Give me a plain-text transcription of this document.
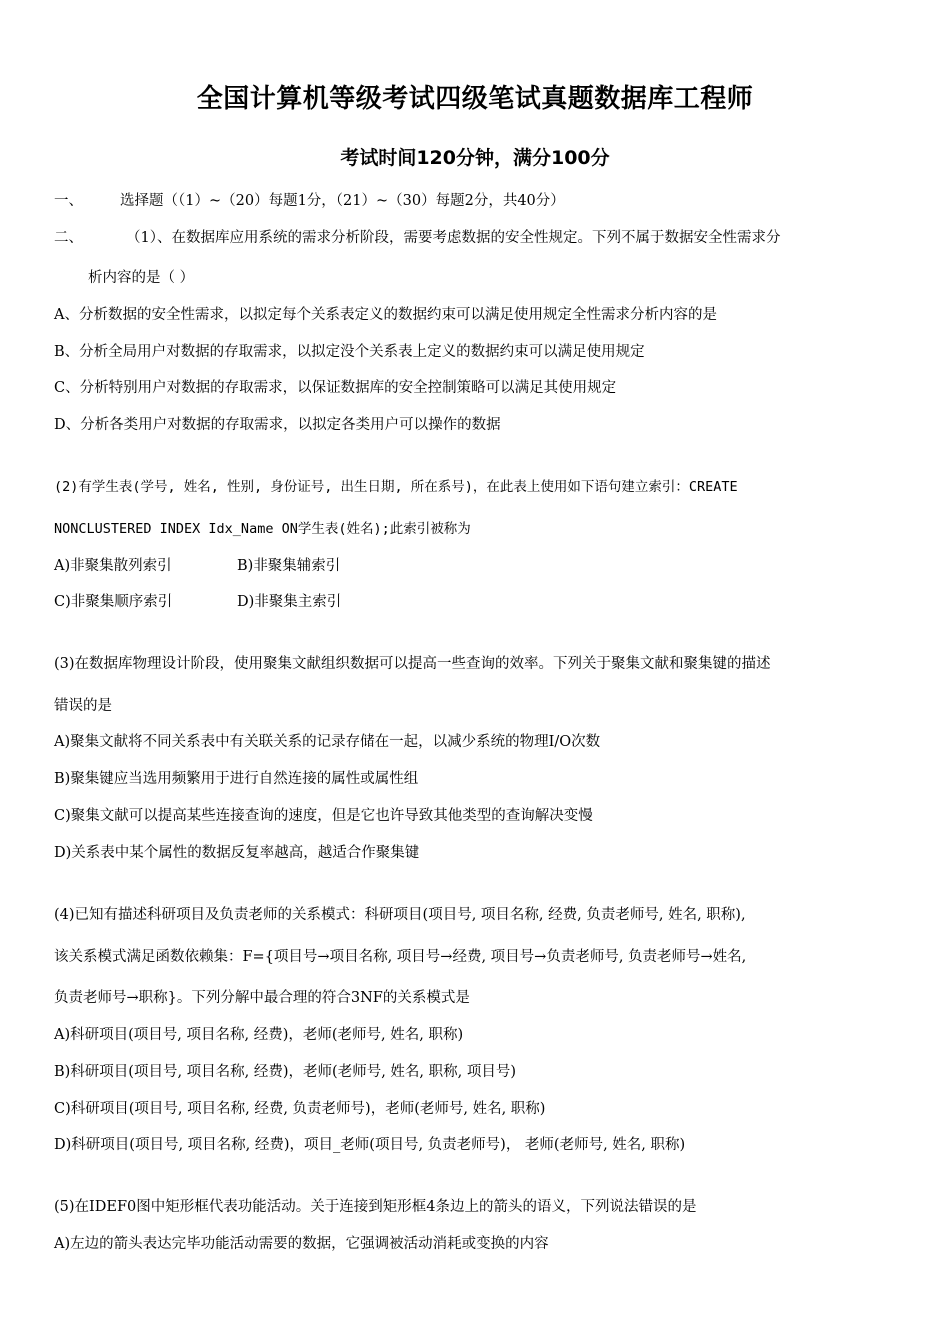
全国计算机等级考试四级笔试真题数据库工程师
考试时间120分钟，满分100分
一、	选择题（（1）~（20）每题1分，（21）~（30）每题2分，共40分）
二、	（1）、在数据库应用系统的需求分析阶段，需要考虑数据的安全性规定。下列不属于数据安全性需求分
析内容的是（ ）
A、分析数据的安全性需求，以拟定每个关系表定义的数据约束可以满足使用规定全性需求分析内容的是
B、分析全局用户对数据的存取需求，以拟定没个关系表上定义的数据约束可以满足使用规定
C、分析特别用户对数据的存取需求，以保证数据库的安全控制策略可以满足其使用规定
D、分析各类用户对数据的存取需求，以拟定各类用户可以操作的数据
(2)有学生表(学号, 姓名, 性别, 身份证号, 出生日期, 所在系号)，在此表上使用如下语句建立索引：CREATE
NONCLUSTERED INDEX Idx_Name ON学生表(姓名);此索引被称为
A)非聚集散列索引	B)非聚集辅索引
C)非聚集顺序索引	D)非聚集主索引
(3)在数据库物理设计阶段，使用聚集文献组织数据可以提高一些查询的效率。下列关于聚集文献和聚集键的描述
错误的是
A)聚集文献将不同关系表中有关联关系的记录存储在一起，以减少系统的物理I/O次数
B)聚集键应当选用频繁用于进行自然连接的属性或属性组
C)聚集文献可以提高某些连接查询的速度，但是它也许导致其他类型的查询解决变慢
D)关系表中某个属性的数据反复率越高，越适合作聚集键
(4)已知有描述科研项目及负责老师的关系模式：科研项目(项目号, 项目名称, 经费, 负责老师号, 姓名, 职称),
该关系模式满足函数依赖集：F={项目号→项目名称, 项目号→经费, 项目号→负责老师号, 负责老师号→姓名,
负责老师号→职称}。下列分解中最合理的符合3NF的关系模式是
A)科研项目(项目号, 项目名称, 经费)，老师(老师号, 姓名, 职称)
B)科研项目(项目号, 项目名称, 经费)，老师(老师号, 姓名, 职称, 项目号)
C)科研项目(项目号, 项目名称, 经费, 负责老师号)，老师(老师号, 姓名, 职称)
D)科研项目(项目号, 项目名称, 经费)，项目_老师(项目号, 负责老师号)， 老师(老师号, 姓名, 职称)
(5)在IDEF0图中矩形框代表功能活动。关于连接到矩形框4条边上的箭头的语义，下列说法错误的是
A)左边的箭头表达完毕功能活动需要的数据，它强调被活动消耗或变换的内容
